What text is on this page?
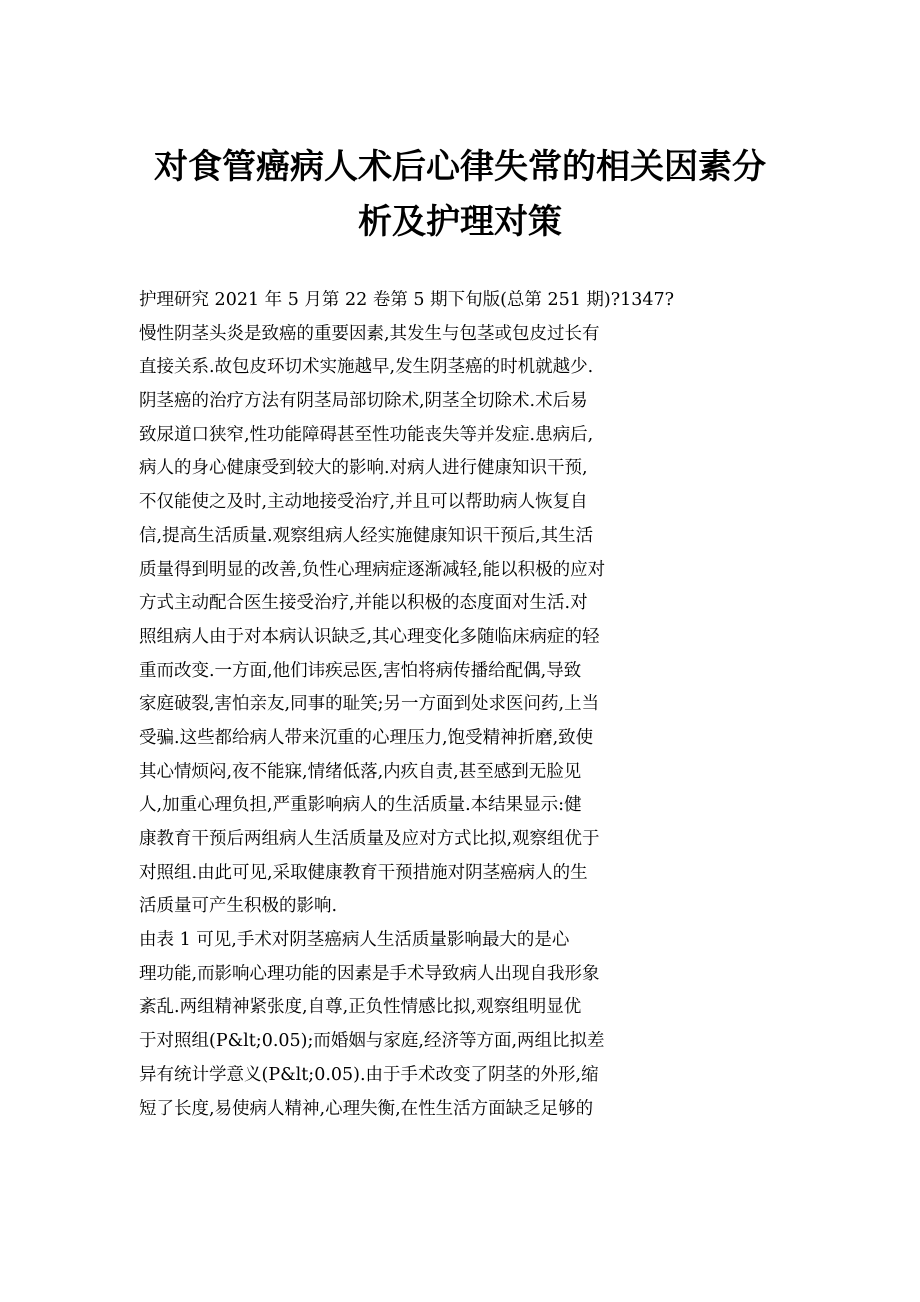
对食管癌病人术后心律失常的相关因素分
析及护理对策
护理研究 2021 年 5 月第 22 卷第 5 期下旬版(总第 251 期)?1347?
慢性阴茎头炎是致癌的重要因素,其发生与包茎或包皮过长有
直接关系.故包皮环切术实施越早,发生阴茎癌的时机就越少.
阴茎癌的治疗方法有阴茎局部切除术,阴茎全切除术.术后易
致尿道口狭窄,性功能障碍甚至性功能丧失等并发症.患病后,
病人的身心健康受到较大的影响.对病人进行健康知识干预,
不仅能使之及时,主动地接受治疗,并且可以帮助病人恢复自
信,提高生活质量.观察组病人经实施健康知识干预后,其生活
质量得到明显的改善,负性心理病症逐渐减轻,能以积极的应对
方式主动配合医生接受治疗,并能以积极的态度面对生活.对
照组病人由于对本病认识缺乏,其心理变化多随临床病症的轻
重而改变.一方面,他们讳疾忌医,害怕将病传播给配偶,导致
家庭破裂,害怕亲友,同事的耻笑;另一方面到处求医问药,上当
受骗.这些都给病人带来沉重的心理压力,饱受精神折磨,致使
其心情烦闷,夜不能寐,情绪低落,内疚自责,甚至感到无脸见
人,加重心理负担,严重影响病人的生活质量.本结果显示:健
康教育干预后两组病人生活质量及应对方式比拟,观察组优于
对照组.由此可见,采取健康教育干预措施对阴茎癌病人的生
活质量可产生积极的影响.
由表 1 可见,手术对阴茎癌病人生活质量影响最大的是心
理功能,而影响心理功能的因素是手术导致病人出现自我形象
紊乱.两组精神紧张度,自尊,正负性情感比拟,观察组明显优
于对照组(P&lt;0.05);而婚姻与家庭,经济等方面,两组比拟差
异有统计学意义(P&lt;0.05).由于手术改变了阴茎的外形,缩
短了长度,易使病人精神,心理失衡,在性生活方面缺乏足够的
